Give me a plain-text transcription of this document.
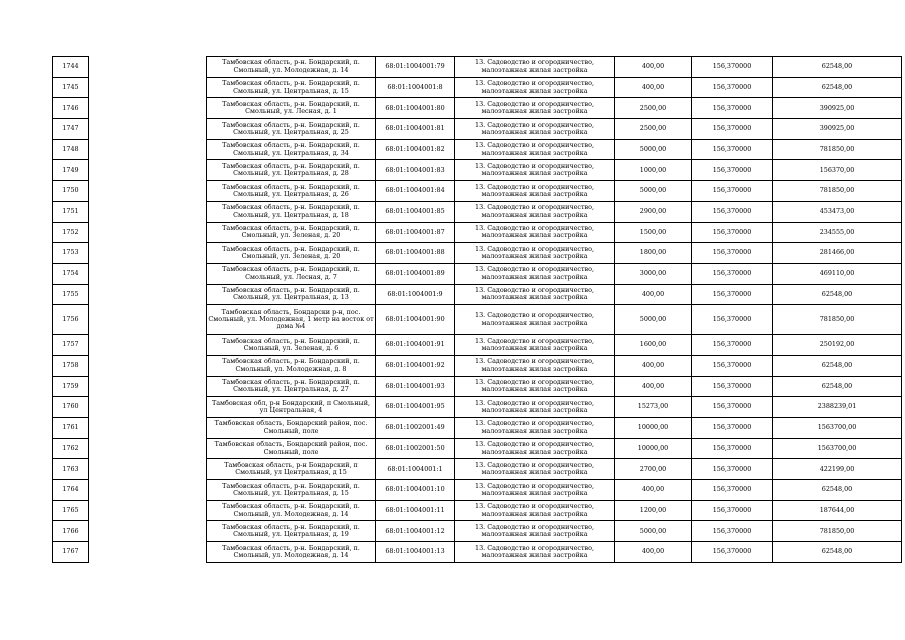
1744		Тамбовская область, р-н. Бондарский, п. Смольный, ул. Молодежная, д. 14	68:01:1004001:79	13. Садоводство и огородничество, малоэтажная жилая застройка	400,00	156,370000	62548,00
1745		Тамбовская область, р-н. Бондарский, п. Смольный, ул. Центральная, д. 15	68:01:1004001:8	13. Садоводство и огородничество, малоэтажная жилая застройка	400,00	156,370000	62548,00
1746		Тамбовская область, р-н. Бондарский, п. Смольный, ул. Лесная, д. 1	68:01:1004001:80	13. Садоводство и огородничество, малоэтажная жилая застройка	2500,00	156,370000	390925,00
1747		Тамбовская область, р-н. Бондарский, п. Смольный, ул. Центральная, д. 25	68:01:1004001:81	13. Садоводство и огородничество, малоэтажная жилая застройка	2500,00	156,370000	390925,00
1748		Тамбовская область, р-н. Бондарский, п. Смольный, ул. Центральная, д. 34	68:01:1004001:82	13. Садоводство и огородничество, малоэтажная жилая застройка	5000,00	156,370000	781850,00
1749		Тамбовская область, р-н. Бондарский, п. Смольный, ул. Центральная, д. 28	68:01:1004001:83	13. Садоводство и огородничество, малоэтажная жилая застройка	1000,00	156,370000	156370,00
1750		Тамбовская область, р-н. Бондарский, п. Смольный, ул. Центральная, д. 26	68:01:1004001:84	13. Садоводство и огородничество, малоэтажная жилая застройка	5000,00	156,370000	781850,00
1751		Тамбовская область, р-н. Бондарский, п. Смольный, ул. Центральная, д. 18	68:01:1004001:85	13. Садоводство и огородничество, малоэтажная жилая застройка	2900,00	156,370000	453473,00
1752		Тамбовская область, р-н. Бондарский, п. Смольный, ул. Зеленая, д. 20	68:01:1004001:87	13. Садоводство и огородничество, малоэтажная жилая застройка	1500,00	156,370000	234555,00
1753		Тамбовская область, р-н. Бондарский, п. Смольный, ул. Зеленая, д. 20	68:01:1004001:88	13. Садоводство и огородничество, малоэтажная жилая застройка	1800,00	156,370000	281466,00
1754		Тамбовская область, р-н. Бондарский, п. Смольный, ул. Лесная, д. 7	68:01:1004001:89	13. Садоводство и огородничество, малоэтажная жилая застройка	3000,00	156,370000	469110,00
1755		Тамбовская область, р-н. Бондарский, п. Смольный, ул. Центральная, д. 13	68:01:1004001:9	13. Садоводство и огородничество, малоэтажная жилая застройка	400,00	156,370000	62548,00
1756		Тамбовская область, Бондарски р-н, пос. Смольный, ул. Молодежная, 1 метр на восток от дома №4	68:01:1004001:90	13. Садоводство и огородничество, малоэтажная жилая застройка	5000,00	156,370000	781850,00
1757		Тамбовская область, р-н. Бондарский, п. Смольный, ул. Зеленая, д. 6	68:01:1004001:91	13. Садоводство и огородничество, малоэтажная жилая застройка	1600,00	156,370000	250192,00
1758		Тамбовская область, р-н. Бондарский, п. Смольный, ул. Молодежная, д. 8	68:01:1004001:92	13. Садоводство и огородничество, малоэтажная жилая застройка	400,00	156,370000	62548,00
1759		Тамбовская область, р-н. Бондарский, п. Смольный, ул. Центральная, д. 27	68:01:1004001:93	13. Садоводство и огородничество, малоэтажная жилая застройка	400,00	156,370000	62548,00
1760		Тамбовская обл, р-н Бондарский, п Смольный, ул Центральная, 4	68:01:1004001:95	13. Садоводство и огородничество, малоэтажная жилая застройка	15273,00	156,370000	2388239,01
1761		Тамбовская область, Бондарский район, пос. Смольный, поле	68:01:1002001:49	13. Садоводство и огородничество, малоэтажная жилая застройка	10000,00	156,370000	1563700,00
1762		Тамбовская область, Бондарский район, пос. Смольный, поле	68:01:1002001:50	13. Садоводство и огородничество, малоэтажная жилая застройка	10000,00	156,370000	1563700,00
1763		Тамбовская область, р-н Бондарский, п Смольный, ул Центральная, д 15	68:01:1004001:1	13. Садоводство и огородничество, малоэтажная жилая застройка	2700,00	156,370000	422199,00
1764		Тамбовская область, р-н. Бондарский, п. Смольный, ул. Центральная, д. 15	68:01:1004001:10	13. Садоводство и огородничество, малоэтажная жилая застройка	400,00	156,370000	62548,00
1765		Тамбовская область, р-н. Бондарский, п. Смольный, ул. Молодежная, д. 14	68:01:1004001:11	13. Садоводство и огородничество, малоэтажная жилая застройка	1200,00	156,370000	187644,00
1766		Тамбовская область, р-н. Бондарский, п. Смольный, ул. Центральная, д. 19	68:01:1004001:12	13. Садоводство и огородничество, малоэтажная жилая застройка	5000,00	156,370000	781850,00
1767		Тамбовская область, р-н. Бондарский, п. Смольный, ул. Молодежная, д. 14	68:01:1004001:13	13. Садоводство и огородничество, малоэтажная жилая застройка	400,00	156,370000	62548,00
